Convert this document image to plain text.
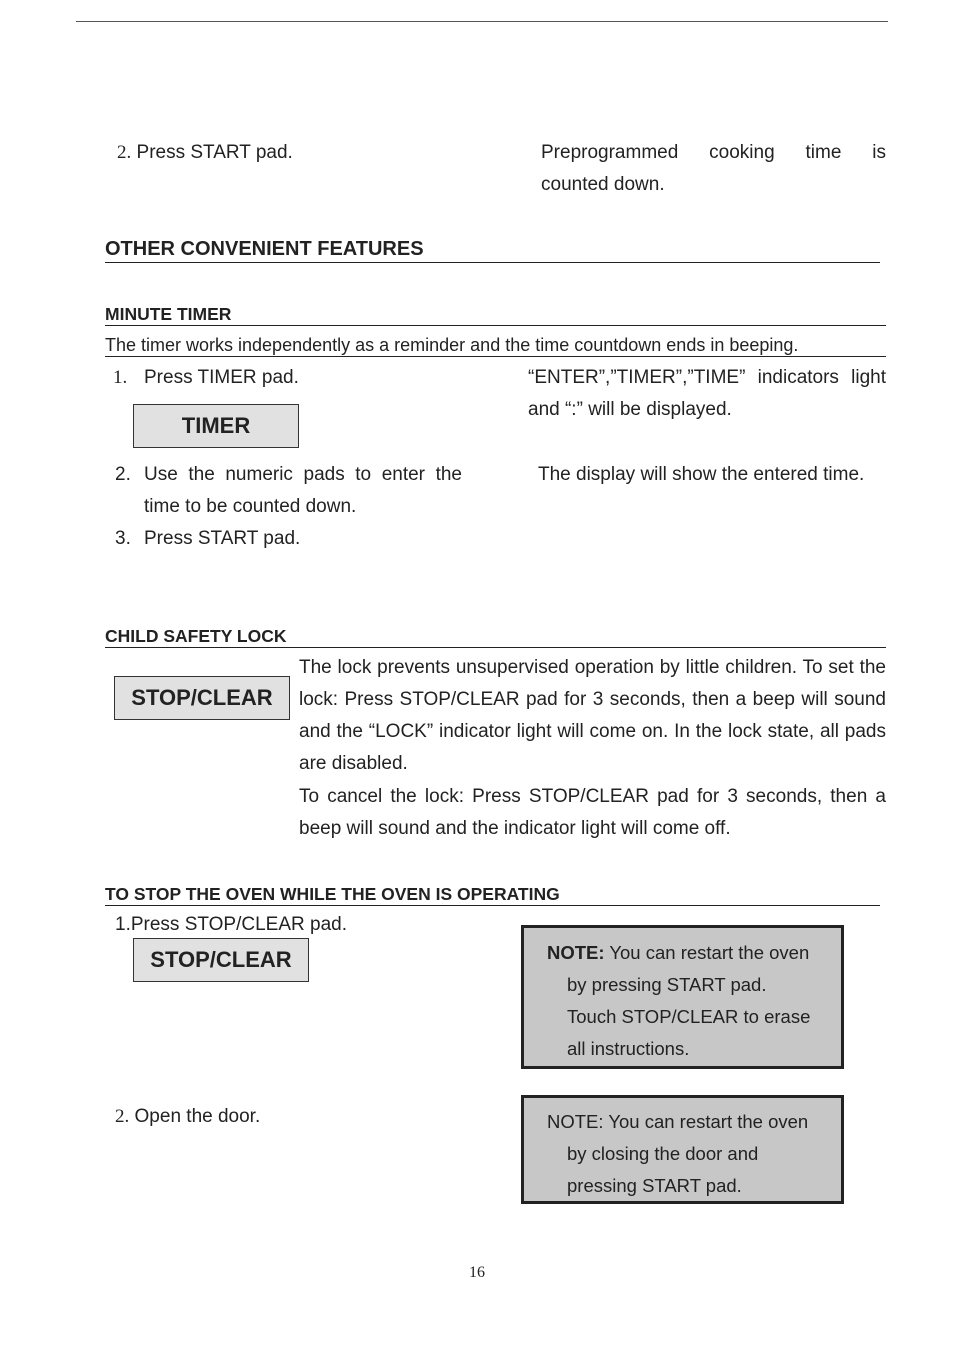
2. Press START pad.	Preprogrammed cooking time is
counted down.
OTHER CONVENIENT FEATURES
MINUTE TIMER
The timer works independently as a reminder and the time countdown ends in beeping.
1. Press TIMER pad.	“ENTER”,”TIMER”,”TIME” indicators light
and “:” will be displayed.
TIMER
2. Use the numeric pads to enter the
time to be counted down.
The display will show the entered time.
3. Press START pad.
CHILD SAFETY LOCK
STOP/CLEAR
The lock prevents unsupervised operation by little children. To set the lock: Press STOP/CLEAR pad for 3 seconds, then a beep will sound and the “LOCK” indicator light will come on. In the lock state, all pads are disabled.
To cancel the lock: Press STOP/CLEAR pad for 3 seconds, then a beep will sound and the indicator light will come off.
TO STOP THE OVEN WHILE THE OVEN IS OPERATING
1.Press STOP/CLEAR pad.
STOP/CLEAR	NOTE: You can restart the oven
by pressing START pad.
Touch STOP/CLEAR to erase
all instructions.
2. Open the door.	NOTE: You can restart the oven
by closing the door and
pressing START pad.
16
